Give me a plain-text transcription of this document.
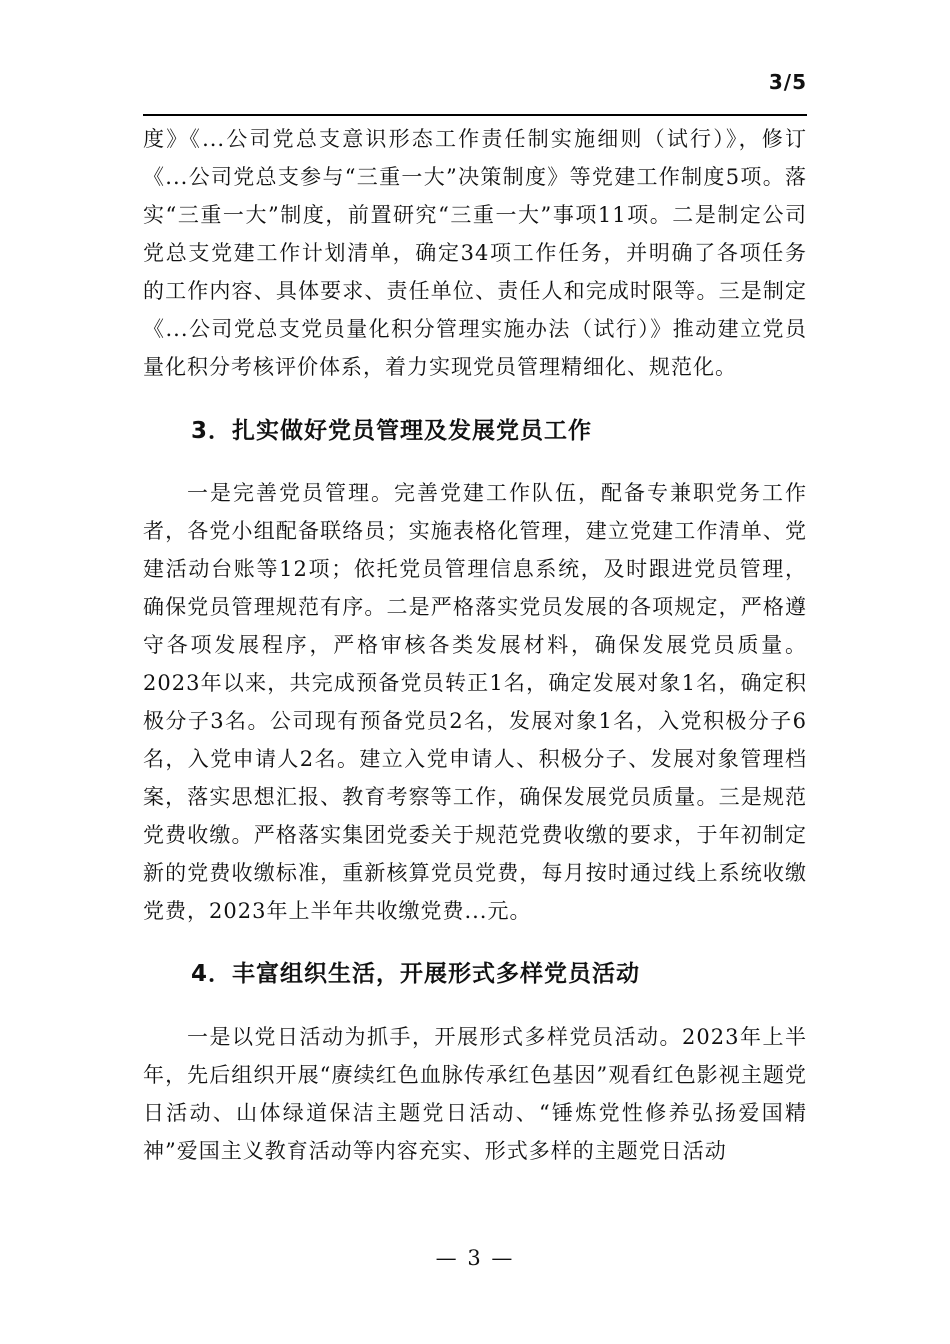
3/5

度》《...公司党总支意识形态工作责任制实施细则（试行）》，修订《...公司党总支参与“三重一大”决策制度》等党建工作制度5项。落实“三重一大”制度，前置研究“三重一大”事项11项。二是制定公司党总支党建工作计划清单，确定34项工作任务，并明确了各项任务的工作内容、具体要求、责任单位、责任人和完成时限等。三是制定《...公司党总支党员量化积分管理实施办法（试行）》推动建立党员量化积分考核评价体系，着力实现党员管理精细化、规范化。

3．扎实做好党员管理及发展党员工作

一是完善党员管理。完善党建工作队伍，配备专兼职党务工作者，各党小组配备联络员；实施表格化管理，建立党建工作清单、党建活动台账等12项；依托党员管理信息系统，及时跟进党员管理，确保党员管理规范有序。二是严格落实党员发展的各项规定，严格遵守各项发展程序，严格审核各类发展材料，确保发展党员质量。2023年以来，共完成预备党员转正1名，确定发展对象1名，确定积极分子3名。公司现有预备党员2名，发展对象1名，入党积极分子6名，入党申请人2名。建立入党申请人、积极分子、发展对象管理档案，落实思想汇报、教育考察等工作，确保发展党员质量。三是规范党费收缴。严格落实集团党委关于规范党费收缴的要求，于年初制定新的党费收缴标准，重新核算党员党费，每月按时通过线上系统收缴党费，2023年上半年共收缴党费...元。

4．丰富组织生活，开展形式多样党员活动

一是以党日活动为抓手，开展形式多样党员活动。2023年上半年，先后组织开展“赓续红色血脉传承红色基因”观看红色影视主题党日活动、山体绿道保洁主题党日活动、“锤炼党性修养弘扬爱国精神”爱国主义教育活动等内容充实、形式多样的主题党日活动

— 3 —
